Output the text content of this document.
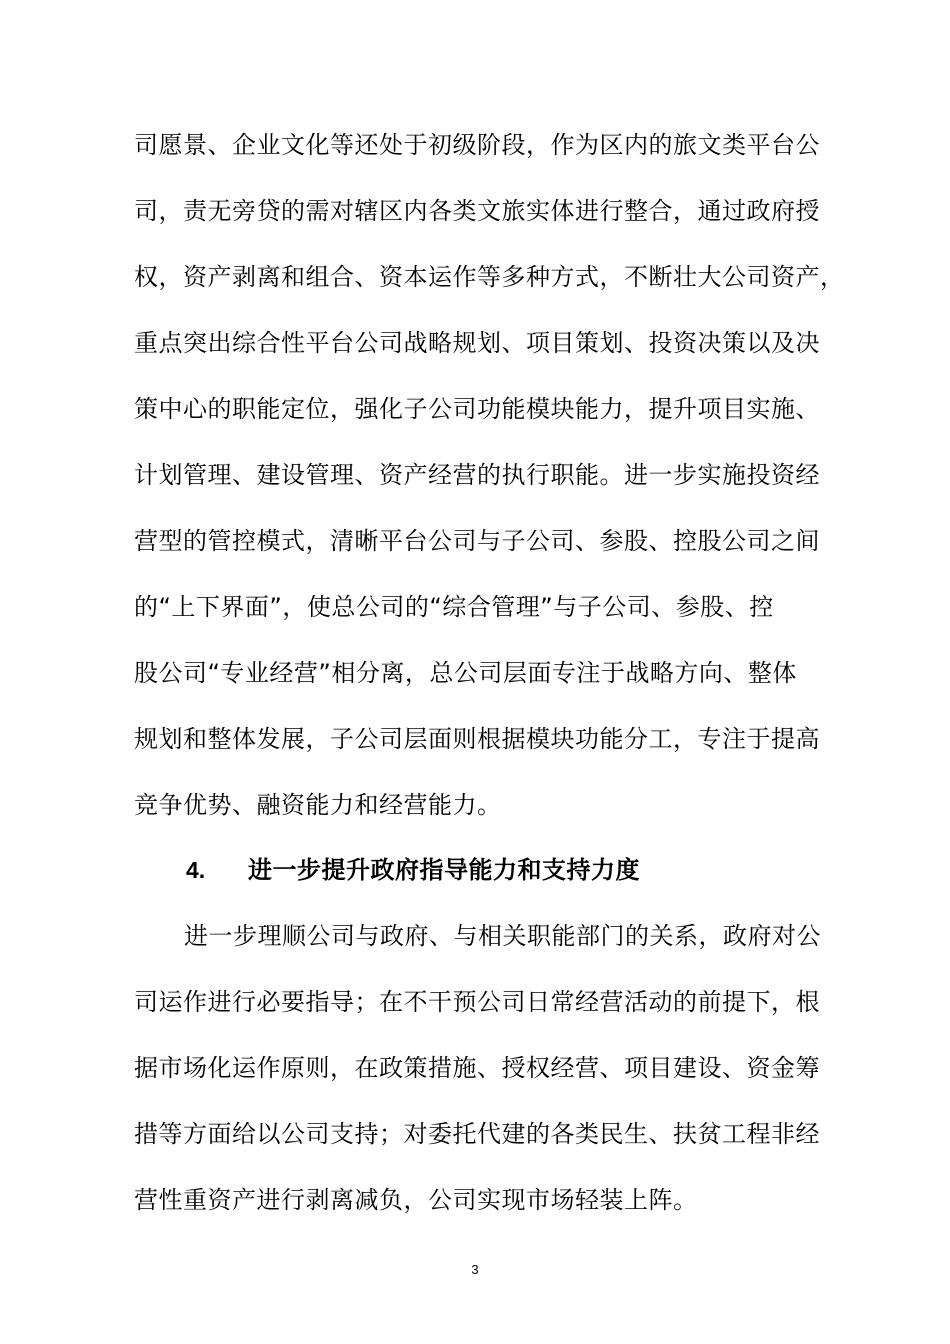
司愿景、企业文化等还处于初级阶段，作为区内的旅文类平台公
司，责无旁贷的需对辖区内各类文旅实体进行整合，通过政府授
权，资产剥离和组合、资本运作等多种方式，不断壮大公司资产，
重点突出综合性平台公司战略规划、项目策划、投资决策以及决
策中心的职能定位，强化子公司功能模块能力，提升项目实施、
计划管理、建设管理、资产经营的执行职能。进一步实施投资经
营型的管控模式，清晰平台公司与子公司、参股、控股公司之间
的“上下界面”，使总公司的“综合管理”与子公司、参股、控
股公司“专业经营”相分离，总公司层面专注于战略方向、整体
规划和整体发展，子公司层面则根据模块功能分工，专注于提高
竞争优势、融资能力和经营能力。
4. 进一步提升政府指导能力和支持力度
进一步理顺公司与政府、与相关职能部门的关系，政府对公
司运作进行必要指导；在不干预公司日常经营活动的前提下，根
据市场化运作原则，在政策措施、授权经营、项目建设、资金筹
措等方面给以公司支持；对委托代建的各类民生、扶贫工程非经
营性重资产进行剥离减负，公司实现市场轻装上阵。
3
